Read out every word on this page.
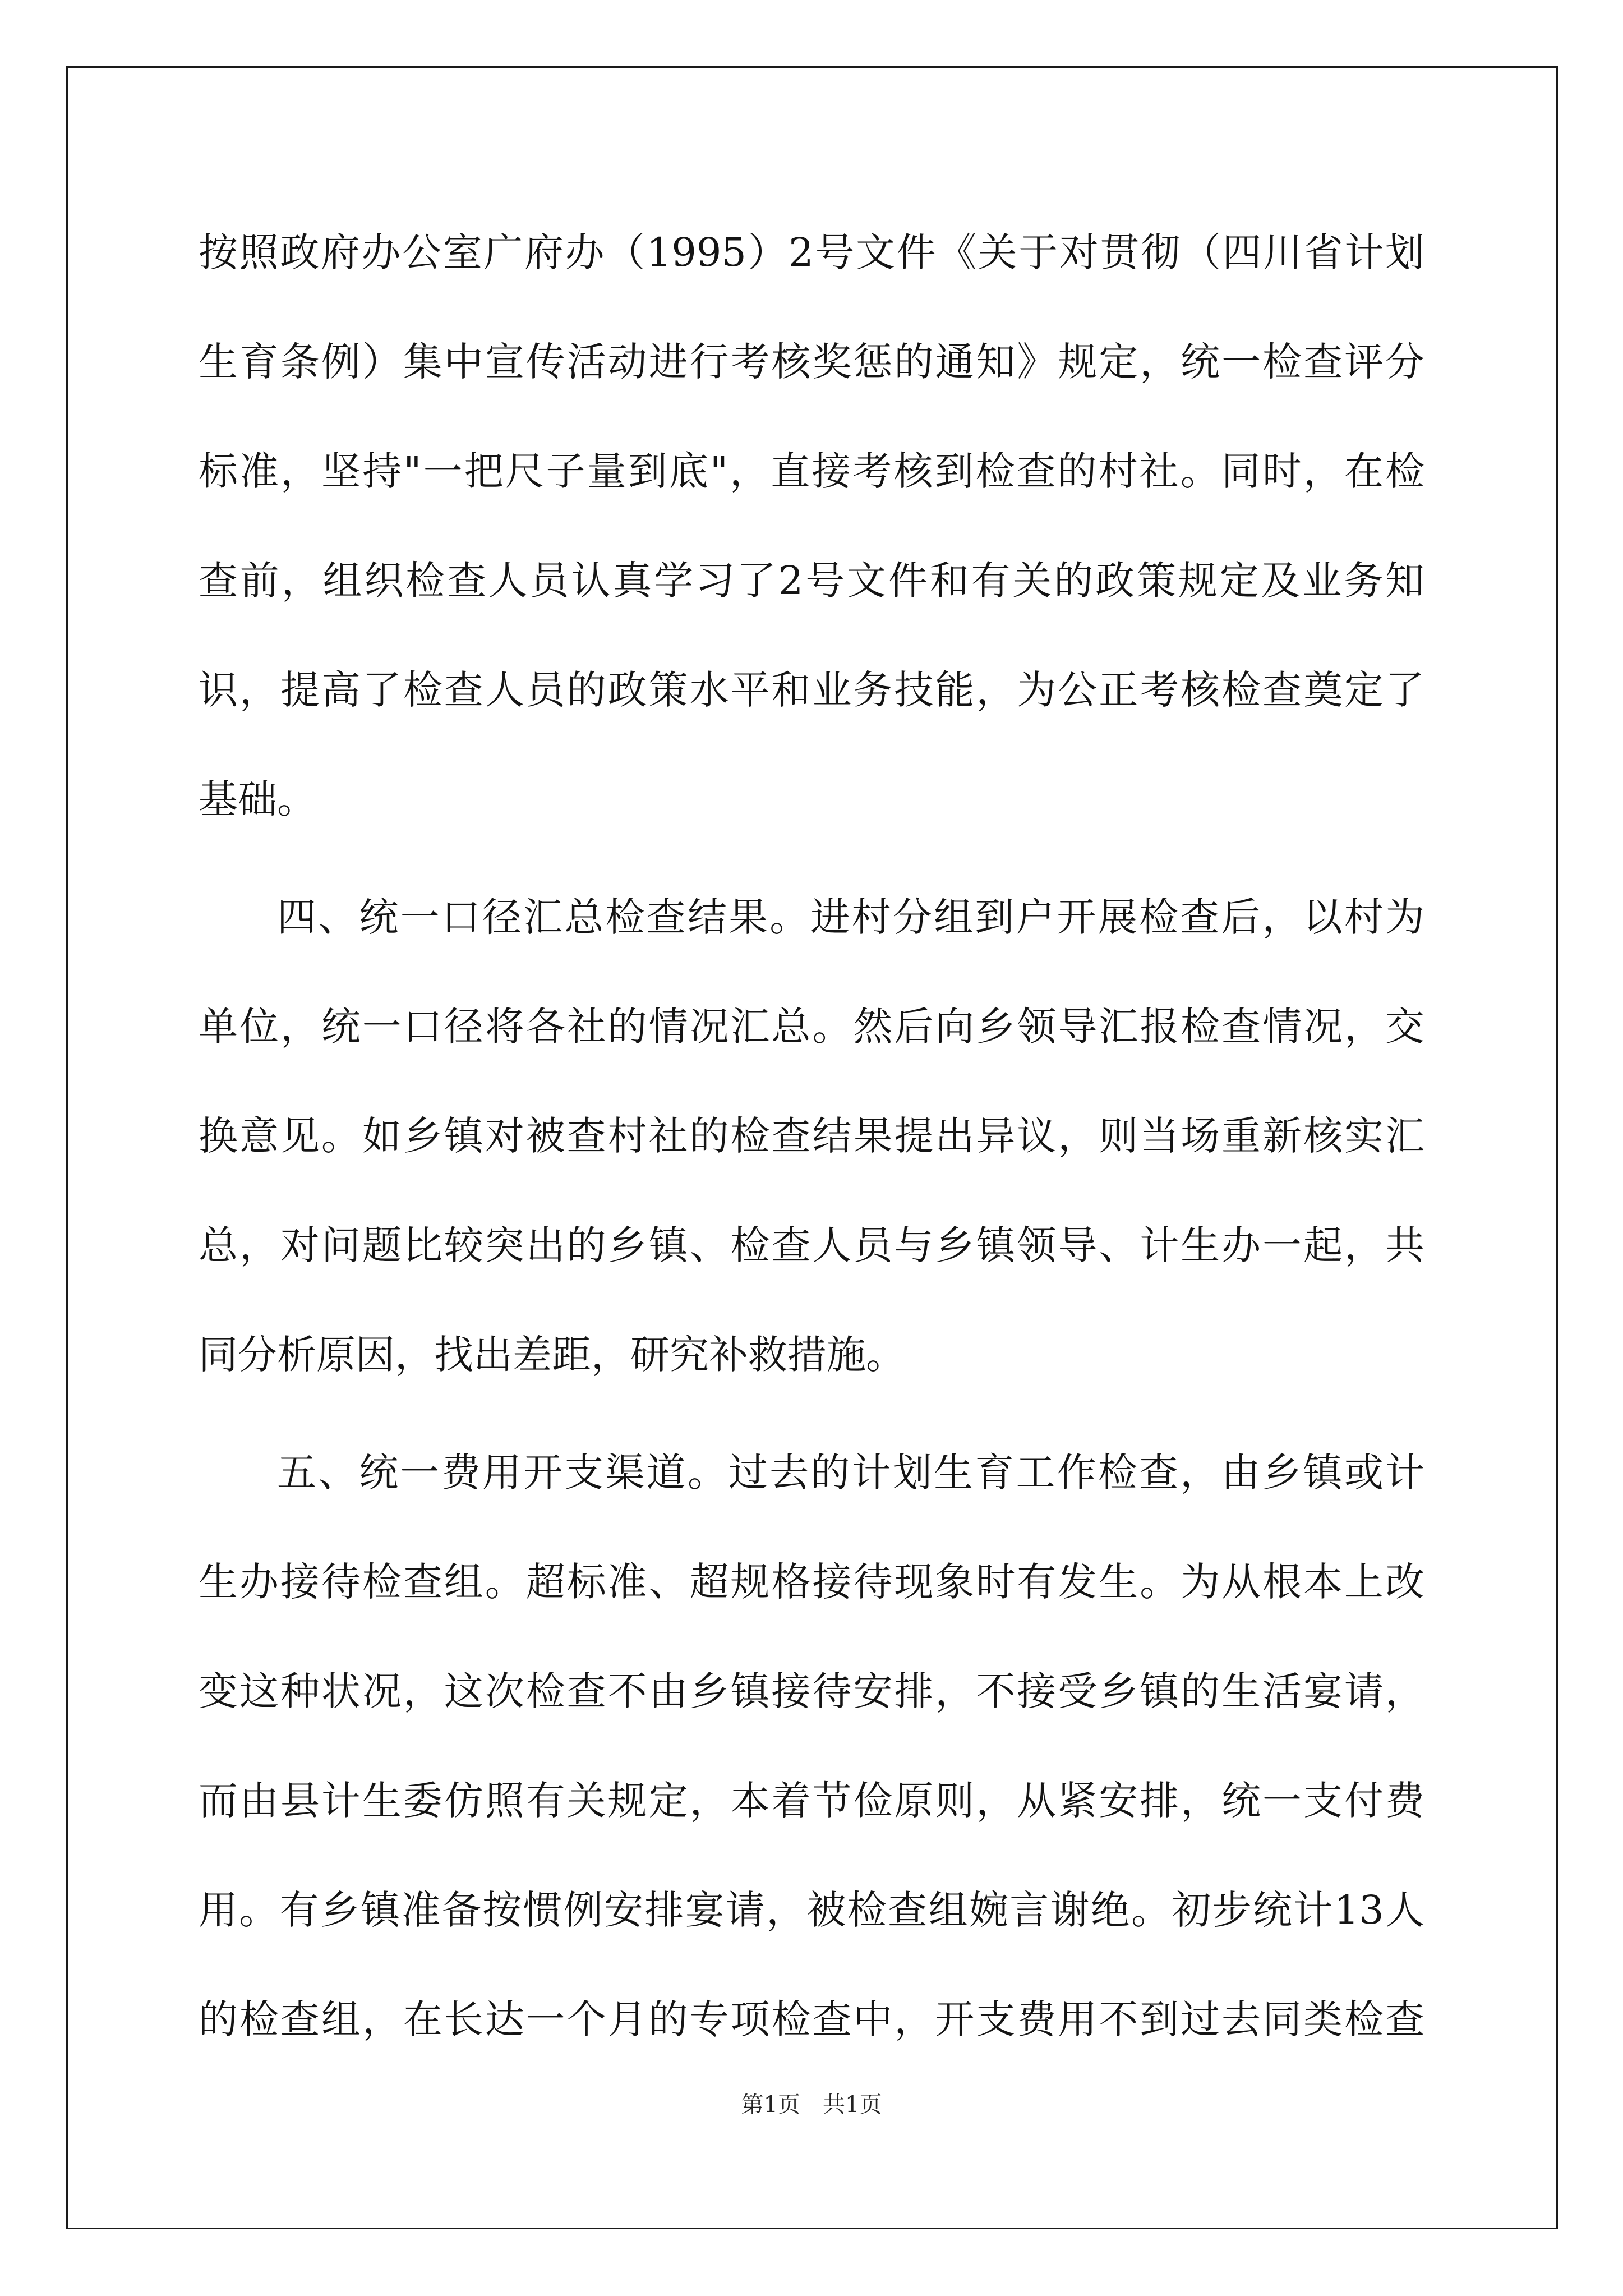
按照政府办公室广府办（1995）2号文件《关于对贯彻（四川省计划
生育条例）集中宣传活动进行考核奖惩的通知》规定，统一检查评分
标准，坚持"一把尺子量到底"，直接考核到检查的村社。同时，在检
查前，组织检查人员认真学习了2号文件和有关的政策规定及业务知
识，提高了检查人员的政策水平和业务技能，为公正考核检查奠定了
基础。
四、统一口径汇总检查结果。进村分组到户开展检查后，以村为
单位，统一口径将各社的情况汇总。然后向乡领导汇报检查情况，交
换意见。如乡镇对被查村社的检查结果提出异议，则当场重新核实汇
总，对问题比较突出的乡镇、检查人员与乡镇领导、计生办一起，共
同分析原因，找出差距，研究补救措施。
五、统一费用开支渠道。过去的计划生育工作检查，由乡镇或计
生办接待检查组。超标准、超规格接待现象时有发生。为从根本上改
变这种状况，这次检查不由乡镇接待安排，不接受乡镇的生活宴请，
而由县计生委仿照有关规定，本着节俭原则，从紧安排，统一支付费
用。有乡镇准备按惯例安排宴请，被检查组婉言谢绝。初步统计13人
的检查组，在长达一个月的专项检查中，开支费用不到过去同类检查
第1页　共1页
